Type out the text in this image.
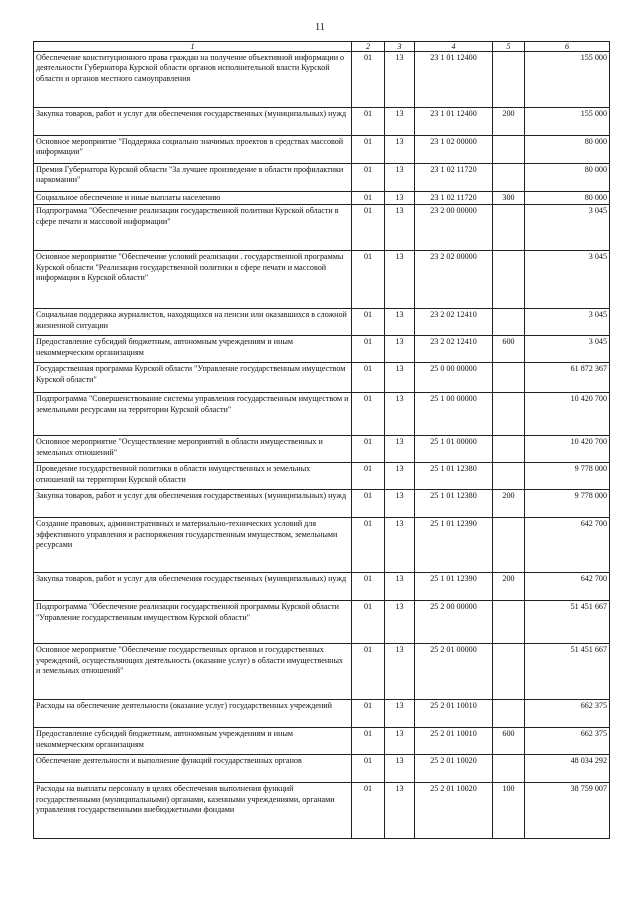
11
1	2	3	4	5	6
Обеспечение конституционного права граждан на получение объективной информации о деятельности Губернатора Курской области органов исполнительной власти Курской области и органов местного самоуправления	01	13	23 1 01 12400		155 000
Закупка товаров, работ и услуг для обеспечения государственных (муниципальных) нужд	01	13	23 1 01 12400	200	155 000
Основное мероприятие "Поддержка социально значимых проектов в средствах массовой информации"	01	13	23 1 02 00000		80 000
Премия Губернатора Курской области "За лучшее произведение в области профилактики наркомании"	01	13	23 1 02 11720		80 000
Социальное обеспечение и иные выплаты населению	01	13	23 1 02 11720	300	80 000
Подпрограмма "Обеспечение реализации государственной политики Курской области в сфере печати и массовой информации"	01	13	23 2 00 00000		3 045
Основное мероприятие "Обеспечение условий реализации . государственной программы Курской области "Реализация государственной политики в сфере печати и массовой информации в Курской области"	01	13	23 2 02 00000		3 045
Социальная поддержка журналистов, находящихся на пенсии или оказавшихся в сложной жизненной ситуации	01	13	23 2 02 12410		3 045
Предоставление субсидий бюджетным, автономным учреждениям и иным некоммерческим организациям	01	13	23 2 02 12410	600	3 045
Государственная программа Курской области "Управление государственным имуществом Курской области"	01	13	25 0 00 00000		61 872 367
Подпрограмма "Совершенствование системы управления государственным имуществом и земельными ресурсами на территории Курской области"	01	13	25 1 00 00000		10 420 700
Основное мероприятие "Осуществление мероприятий в области имущественных и земельных отношений"	01	13	25 1 01 00000		10 420 700
Проведение государственной политики в области имущественных и земельных отношений на территории Курской области	01	13	25 1 01 12380		9 778 000
Закупка товаров, работ и услуг для обеспечения государственных (муниципальных) нужд	01	13	25 1 01 12380	200	9 778 000
Создание правовых, административных и материально-технических условий для эффективного управления и распоряжения государственным имуществом, земельными ресурсами	01	13	25 1 01 12390		642 700
Закупка товаров, работ и услуг для обеспечения государственных (муниципальных) нужд	01	13	25 1 01 12390	200	642 700
Подпрограмма "Обеспечение реализации государственной программы Курской области "Управление государственным имуществом Курской области"	01	13	25 2 00 00000		51 451 667
Основное мероприятие "Обеспечение государственных органов и государственных учреждений, осуществляющих деятельность (оказание услуг) в области имущественных и земельных отношений"	01	13	25 2 01 00000		51 451 667
Расходы на обеспечение деятельности (оказание услуг) государственных учреждений	01	13	25 2 01 10010		662 375
Предоставление субсидий бюджетным, автономным учреждениям и иным некоммерческим организациям	01	13	25 2 01 10010	600	662 375
Обеспечение деятельности и выполнение функций государственных органов	01	13	25 2 01 10020		48 034 292
Расходы на выплаты персоналу в целях обеспечения выполнения функций государственными (муниципальными) органами, казенными учреждениями, органами управления государственными внебюджетными фондами	01	13	25 2 01 10020	100	38 759 007
